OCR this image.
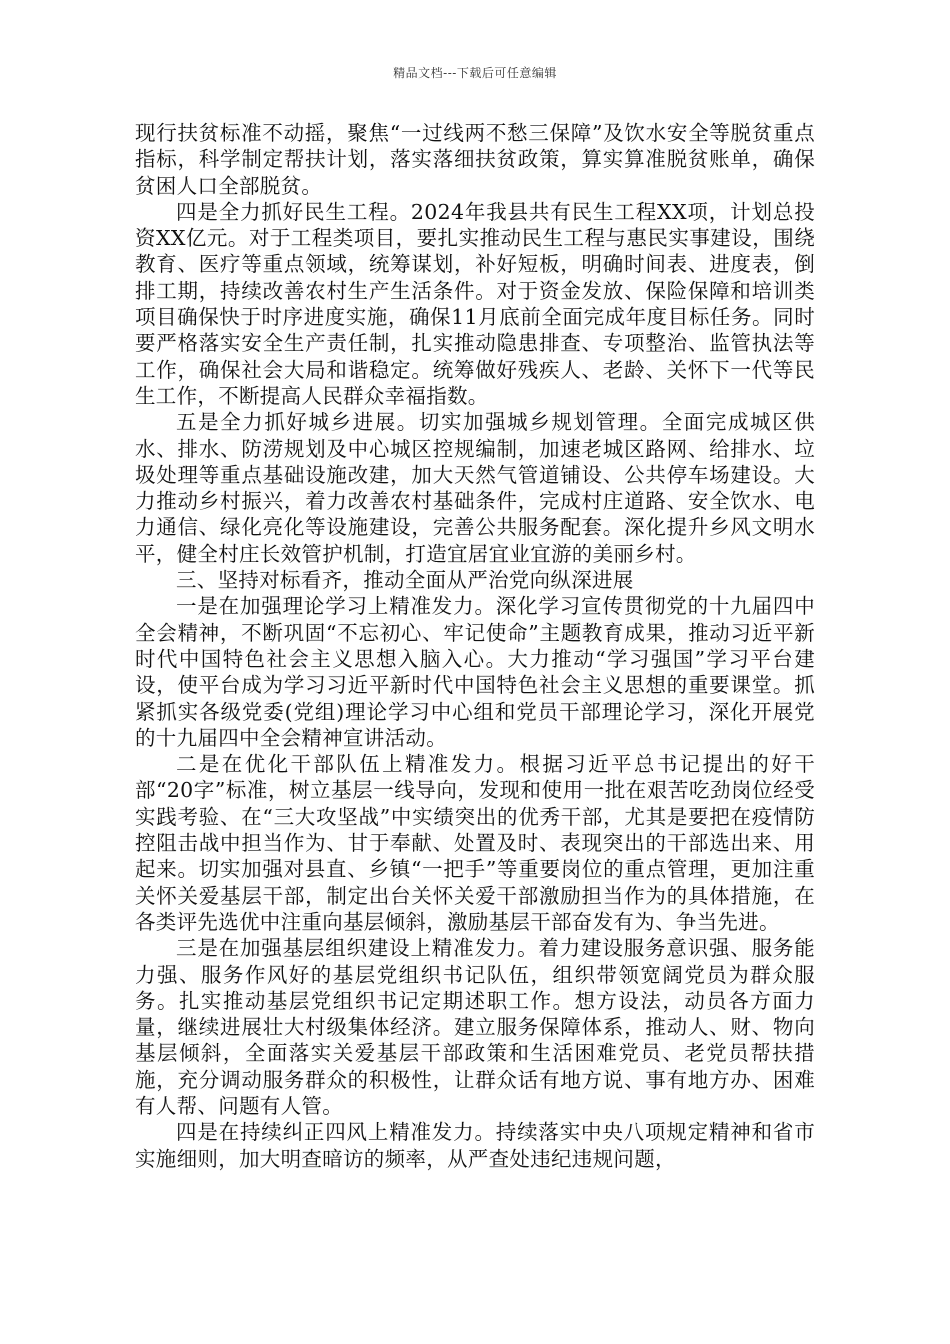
精品文档---下载后可任意编辑

现行扶贫标准不动摇，聚焦“一过线两不愁三保障”及饮水安全等脱贫重点指标，科学制定帮扶计划，落实落细扶贫政策，算实算准脱贫账单，确保贫困人口全部脱贫。

四是全力抓好民生工程。2024年我县共有民生工程XX项，计划总投资XX亿元。对于工程类项目，要扎实推动民生工程与惠民实事建设，围绕教育、医疗等重点领域，统筹谋划，补好短板，明确时间表、进度表，倒排工期，持续改善农村生产生活条件。对于资金发放、保险保障和培训类项目确保快于时序进度实施，确保11月底前全面完成年度目标任务。同时要严格落实安全生产责任制，扎实推动隐患排查、专项整治、监管执法等工作，确保社会大局和谐稳定。统筹做好残疾人、老龄、关怀下一代等民生工作，不断提高人民群众幸福指数。

五是全力抓好城乡进展。切实加强城乡规划管理。全面完成城区供水、排水、防涝规划及中心城区控规编制，加速老城区路网、给排水、垃圾处理等重点基础设施改建，加大天然气管道铺设、公共停车场建设。大力推动乡村振兴，着力改善农村基础条件，完成村庄道路、安全饮水、电力通信、绿化亮化等设施建设，完善公共服务配套。深化提升乡风文明水平，健全村庄长效管护机制，打造宜居宜业宜游的美丽乡村。

三、坚持对标看齐，推动全面从严治党向纵深进展

一是在加强理论学习上精准发力。深化学习宣传贯彻党的十九届四中全会精神，不断巩固“不忘初心、牢记使命”主题教育成果，推动习近平新时代中国特色社会主义思想入脑入心。大力推动“学习强国”学习平台建设，使平台成为学习习近平新时代中国特色社会主义思想的重要课堂。抓紧抓实各级党委(党组)理论学习中心组和党员干部理论学习，深化开展党的十九届四中全会精神宣讲活动。

二是在优化干部队伍上精准发力。根据习近平总书记提出的好干部“20字”标准，树立基层一线导向，发现和使用一批在艰苦吃劲岗位经受实践考验、在“三大攻坚战”中实绩突出的优秀干部，尤其是要把在疫情防控阻击战中担当作为、甘于奉献、处置及时、表现突出的干部选出来、用起来。切实加强对县直、乡镇“一把手”等重要岗位的重点管理，更加注重关怀关爱基层干部，制定出台关怀关爱干部激励担当作为的具体措施，在各类评先选优中注重向基层倾斜，激励基层干部奋发有为、争当先进。

三是在加强基层组织建设上精准发力。着力建设服务意识强、服务能力强、服务作风好的基层党组织书记队伍，组织带领宽阔党员为群众服务。扎实推动基层党组织书记定期述职工作。想方设法，动员各方面力量，继续进展壮大村级集体经济。建立服务保障体系，推动人、财、物向基层倾斜，全面落实关爱基层干部政策和生活困难党员、老党员帮扶措施，充分调动服务群众的积极性，让群众话有地方说、事有地方办、困难有人帮、问题有人管。

四是在持续纠正四风上精准发力。持续落实中央八项规定精神和省市实施细则，加大明查暗访的频率，从严查处违纪违规问题，
